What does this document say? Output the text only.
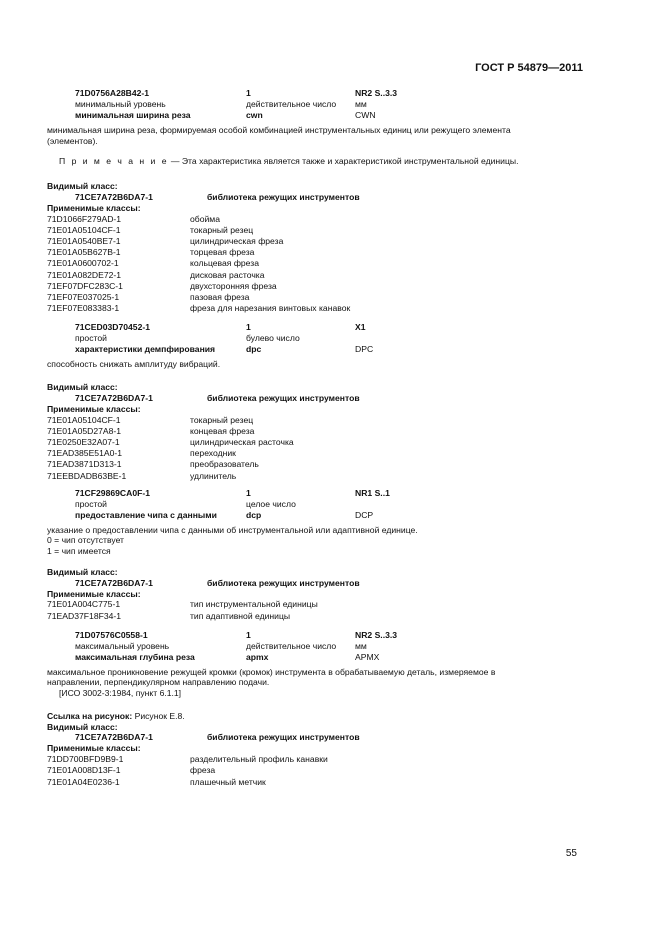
ГОСТ Р 54879—2011
71D0756A28B42-1	1	NR2 S..3.3
минимальный уровень	действительное число мм
минимальная ширина реза	cwn	CWN
минимальная ширина реза, формируемая особой комбинацией инструментальных единиц или режущего элемента
(элементов).
П р и м е ч а н и е — Эта характеристика является также и характеристикой инструментальной единицы.
Видимый класс:
71CE7A72B6DA7-1	библиотека режущих инструментов
Применимые классы:
71D1066F279AD-1	обойма
71E01A05104CF-1	токарный резец
71E01A0540BE7-1	цилиндрическая фреза
71E01A05B627B-1	торцевая фреза
71E01A0600702-1	кольцевая фреза
71E01A082DE72-1	дисковая расточка
71EF07DFC283C-1	двухсторонняя фреза
71EF07E037025-1	пазовая фреза
71EF07E083383-1	фреза для нарезания винтовых канавок
71CED03D70452-1	1	X1
простой	булево число
характеристики демпфирования	dpc	DPC
способность снижать амплитуду вибраций.
Видимый класс:
71CE7A72B6DA7-1	библиотека режущих инструментов
Применимые классы:
71E01A05104CF-1	токарный резец
71E01A05D27A8-1	концевая фреза
71E0250E32A07-1	цилиндрическая расточка
71EAD385E51A0-1	переходник
71EAD3871D313-1	преобразователь
71EEBDADB63BE-1	удлинитель
71CF29869CA0F-1	1	NR1 S..1
простой	целое число
предоставление чипа с данными	dcp	DCP
указание о предоставлении чипа с данными об инструментальной или адаптивной единице.
0 = чип отсутствует
1 = чип имеется
Видимый класс:
71CE7A72B6DA7-1	библиотека режущих инструментов
Применимые классы:
71E01A004C775-1	тип инструментальной единицы
71EAD37F18F34-1	тип адаптивной единицы
71D07576C0558-1	1	NR2 S..3.3
максимальный уровень	действительное число мм
максимальная глубина реза	apmx	APMX
максимальное проникновение режущей кромки (кромок) инструмента в обрабатываемую деталь, измеряемое в
направлении, перпендикулярном направлению подачи.
[ИСО 3002-3:1984, пункт 6.1.1]
Ссылка на рисунок: Рисунок Е.8.
Видимый класс:
71CE7A72B6DA7-1	библиотека режущих инструментов
Применимые классы:
71DD700BFD9B9-1	разделительный профиль канавки
71E01A008D13F-1	фреза
71E01A04E0236-1	плашечный метчик
55
